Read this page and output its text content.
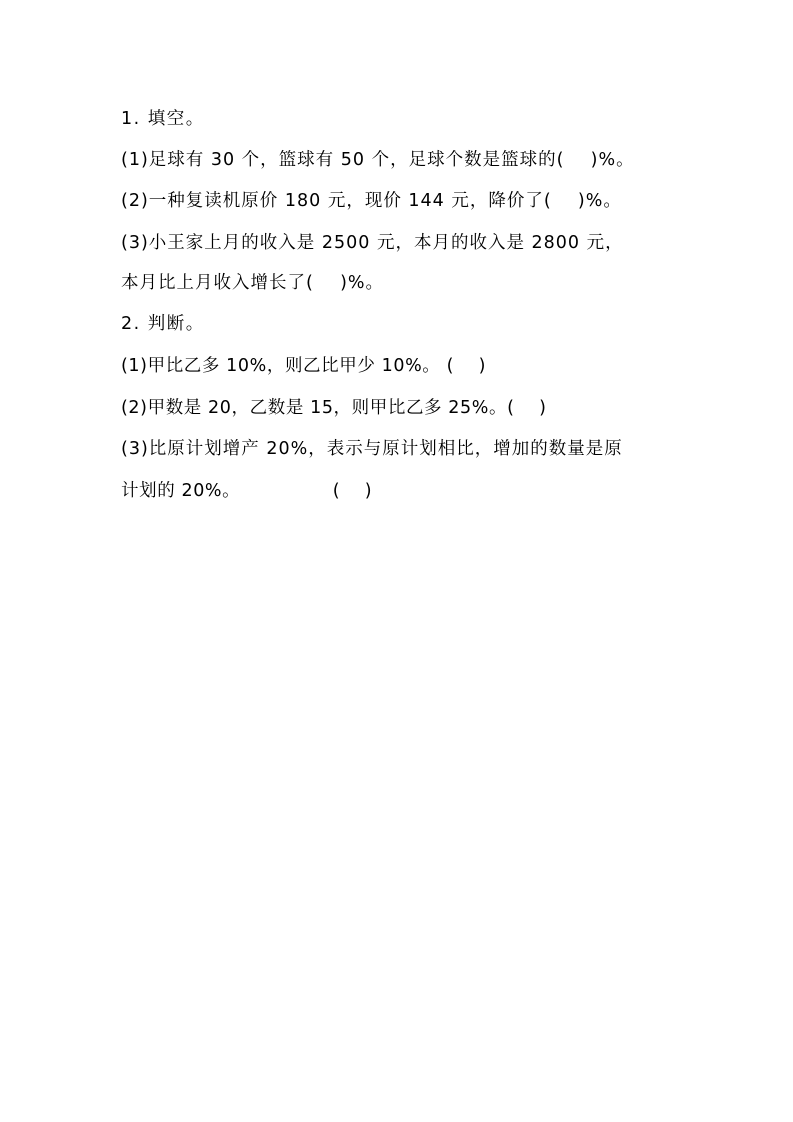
1. 填空。
(1)足球有 30 个，篮球有 50 个，足球个数是篮球的(    )%。
(2)一种复读机原价 180 元，现价 144 元，降价了(    )%。
(3)小王家上月的收入是 2500 元，本月的收入是 2800 元，
本月比上月收入增长了(    )%。
2. 判断。
(1)甲比乙多 10%，则乙比甲少 10%。 (    )
(2)甲数是 20，乙数是 15，则甲比乙多 25%。(    )
(3)比原计划增产 20%，表示与原计划相比，增加的数量是原
计划的 20%。               (    )
